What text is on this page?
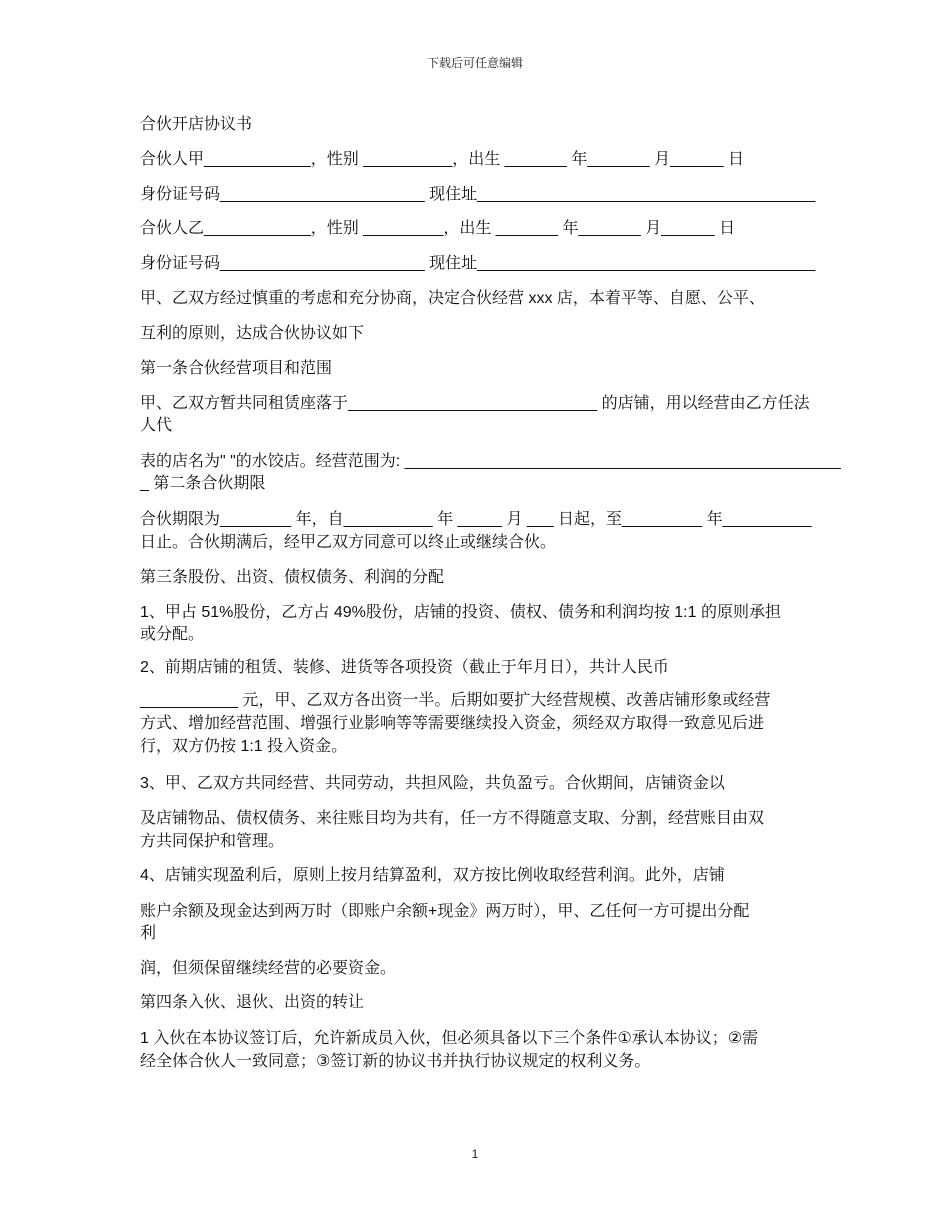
下载后可任意编辑
合伙开店协议书
合伙人甲____________，性别 __________，出生 _______ 年_______ 月______ 日
身份证号码_______________________ 现住址______________________________________
合伙人乙____________，性别 _________，出生 _______ 年_______ 月______ 日
身份证号码_______________________ 现住址______________________________________
甲、乙双方经过慎重的考虑和充分协商，决定合伙经营 xxx 店，本着平等、自愿、公平、
互利的原则，达成合伙协议如下
第一条合伙经营项目和范围
甲、乙双方暂共同租赁座落于____________________________ 的店铺，用以经营由乙方任法
人代
表的店名为" "的水饺店。经营范围为: _________________________________________________
_ 第二条合伙期限
合伙期限为________ 年，自__________ 年 _____ 月 ___ 日起，至_________ 年__________
日止。合伙期满后，经甲乙双方同意可以终止或继续合伙。
第三条股份、出资、债权债务、利润的分配
1、甲占 51%股份，乙方占 49%股份，店铺的投资、债权、债务和利润均按 1:1 的原则承担
或分配。
2、前期店铺的租赁、装修、进货等各项投资（截止于年月日），共计人民币
___________ 元，甲、乙双方各出资一半。后期如要扩大经营规模、改善店铺形象或经营
方式、增加经营范围、增强行业影响等等需要继续投入资金，须经双方取得一致意见后进
行，双方仍按 1:1 投入资金。
3、甲、乙双方共同经营、共同劳动，共担风险，共负盈亏。合伙期间，店铺资金以
及店铺物品、债权债务、来往账目均为共有，任一方不得随意支取、分割，经营账目由双
方共同保护和管理。
4、店铺实现盈利后，原则上按月结算盈利，双方按比例收取经营利润。此外，店铺
账户余额及现金达到两万时（即账户余额+现金》两万时），甲、乙任何一方可提出分配
利
润，但须保留继续经营的必要资金。
第四条入伙、退伙、出资的转让
1 入伙在本协议签订后，允许新成员入伙，但必须具备以下三个条件①承认本协议；②需
经全体合伙人一致同意；③签订新的协议书并执行协议规定的权利义务。
1
